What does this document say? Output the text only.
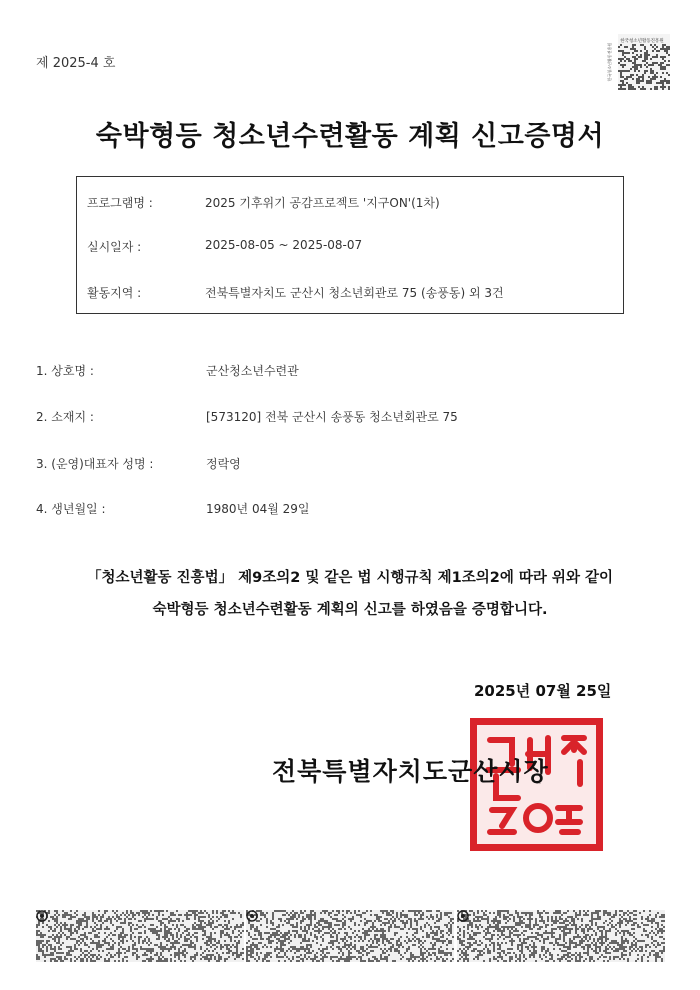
제 2025-4 호	한국청소년활동진흥원
한국청소년활동진흥원
숙박형등 청소년수련활동 계획 신고증명서
프로그램명 :	2025 기후위기 공감프로젝트 '지구ON'(1차)
실시일자 :	2025-08-05 ~ 2025-08-07
활동지역 :	전북특별자치도 군산시 청소년회관로 75 (송풍동) 외 3건
1. 상호명 :	군산청소년수련관
2. 소재지 :	[573120] 전북 군산시 송풍동 청소년회관로 75
3. (운영)대표자 성명 :	정락영
4. 생년월일 :	1980년 04월 29일
「청소년활동 진흥법」 제9조의2 및 같은 법 시행규칙 제1조의2에 따라 위와 같이
숙박형등 청소년수련활동 계획의 신고를 하였음을 증명합니다.
2025년 07월 25일
전북특별자치도군산시장
